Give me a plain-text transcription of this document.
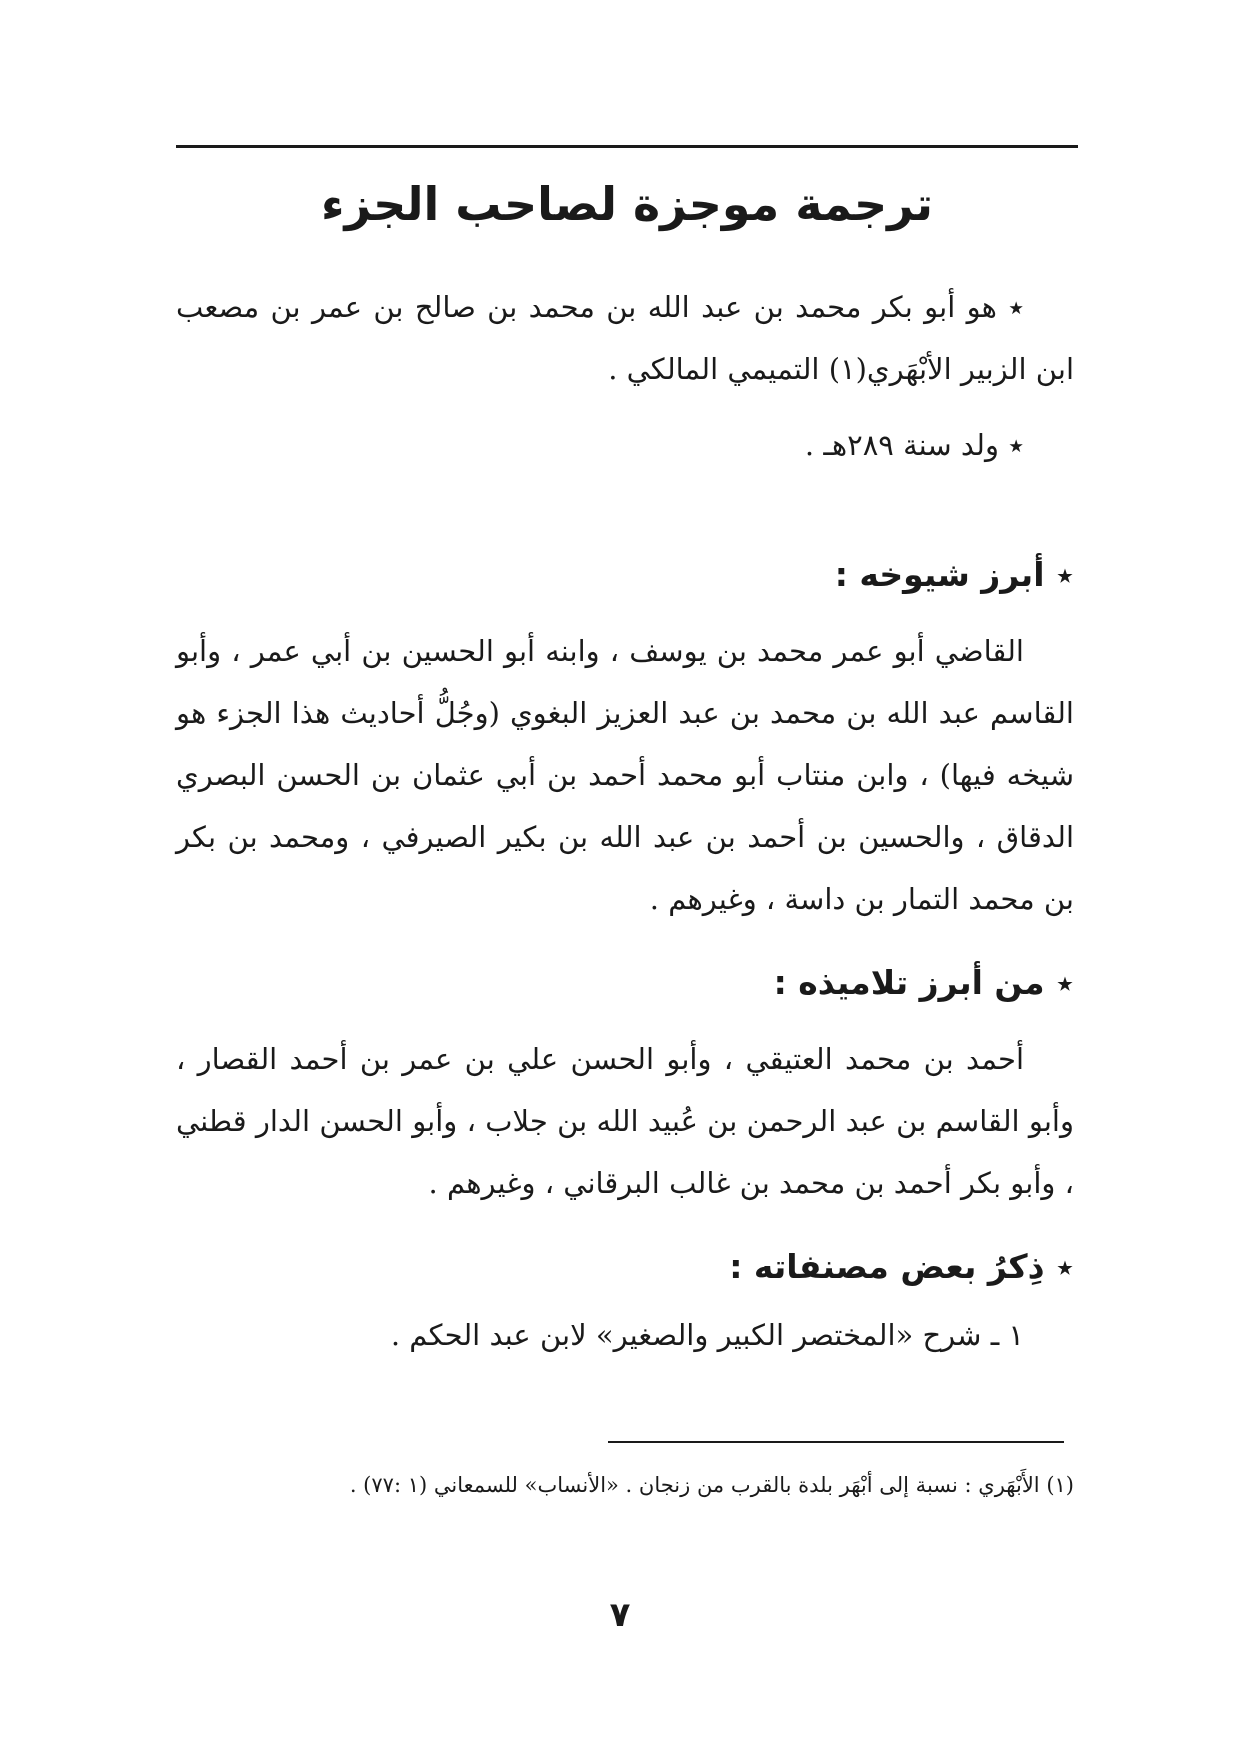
ترجمة موجزة لصاحب الجزء

٭ هو أبو بكر محمد بن عبد الله بن محمد بن صالح بن عمر بن مصعب ابن الزبير الأبْهَري(١) التميمي المالكي .

٭ ولد سنة ٢٨٩هـ .

٭ أبرز شيوخه :

القاضي أبو عمر محمد بن يوسف ، وابنه أبو الحسين بن أبي عمر ، وأبو القاسم عبد الله بن محمد بن عبد العزيز البغوي (وجُلُّ أحاديث هذا الجزء هو شيخه فيها) ، وابن منتاب أبو محمد أحمد بن أبي عثمان بن الحسن البصري الدقاق ، والحسين بن أحمد بن عبد الله بن بكير الصيرفي ، ومحمد بن بكر بن محمد التمار بن داسة ، وغيرهم .

٭ من أبرز تلاميذه :

أحمد بن محمد العتيقي ، وأبو الحسن علي بن عمر بن أحمد القصار ، وأبو القاسم بن عبد الرحمن بن عُبيد الله بن جلاب ، وأبو الحسن الدار قطني ، وأبو بكر أحمد بن محمد بن غالب البرقاني ، وغيرهم .

٭ ذِكرُ بعض مصنفاته :

١ ـ شرح «المختصر الكبير والصغير» لابن عبد الحكم .

(١) الأَبْهَري : نسبة إلى أبْهَر بلدة بالقرب من زنجان . «الأنساب» للسمعاني (١ :٧٧) .

٧
